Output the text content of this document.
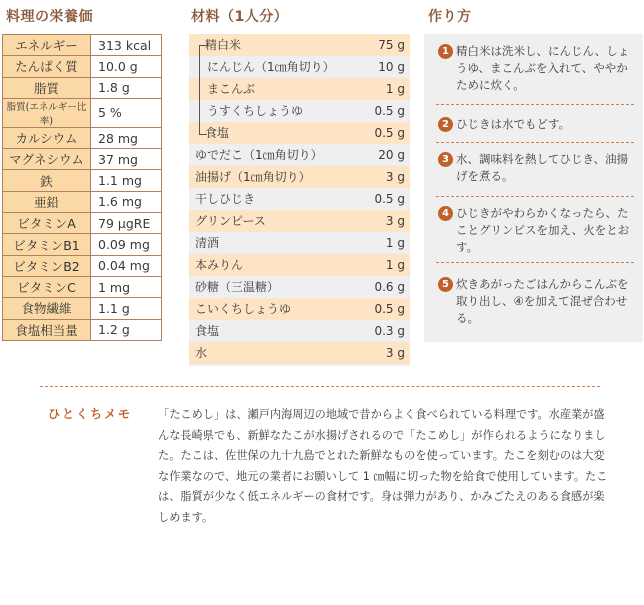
料理の栄養価
エネルギー	313 kcal
たんぱく質	10.0 g
脂質	1.8 g
脂質(エネルギー比率)	5 %
カルシウム	28 mg
マグネシウム	37 mg
鉄	1.1 mg
亜鉛	1.6 mg
ビタミンA	79 μgRE
ビタミンB1	0.09 mg
ビタミンB2	0.04 mg
ビタミンC	1 mg
食物繊維	1.1 g
食塩相当量	1.2 g
材料（1人分）
精白米	75 g
にんじん（1㎝角切り）	10 g
まこんぶ	1 g
うすくちしょうゆ	0.5 g
食塩	0.5 g
ゆでだこ（1㎝角切り）	20 g
油揚げ（1㎝角切り）	3 g
干しひじき	0.5 g
グリンピース	3 g
清酒	1 g
本みりん	1 g
砂糖（三温糖）	0.6 g
こいくちしょうゆ	0.5 g
食塩	0.3 g
水	3 g
作り方
1 精白米は洗米し、にんじん、しょうゆ、まこんぶを入れて、ややかために炊く。
2 ひじきは水でもどす。
3 水、調味料を熱してひじき、油揚げを煮る。
4 ひじきがやわらかくなったら、たことグリンピスを加え、火をとおす。
5 炊きあがったごはんからこんぶを取り出し、④を加えて混ぜ合わせる。
ひとくちメモ 「たこめし」は、瀬戸内海周辺の地域で昔からよく食べられている料理です。水産業が盛んな長崎県でも、新鮮なたこが水揚げされるので「たこめし」が作られるようになりました。たこは、佐世保の九十九島でとれた新鮮なものを使っています。たこを刻むのは大変な作業なので、地元の業者にお願いして 1 ㎝幅に切った物を給食で使用しています。たこは、脂質が少なく低エネルギーの食材です。身は弾力があり、かみごたえのある食感が楽しめます。
